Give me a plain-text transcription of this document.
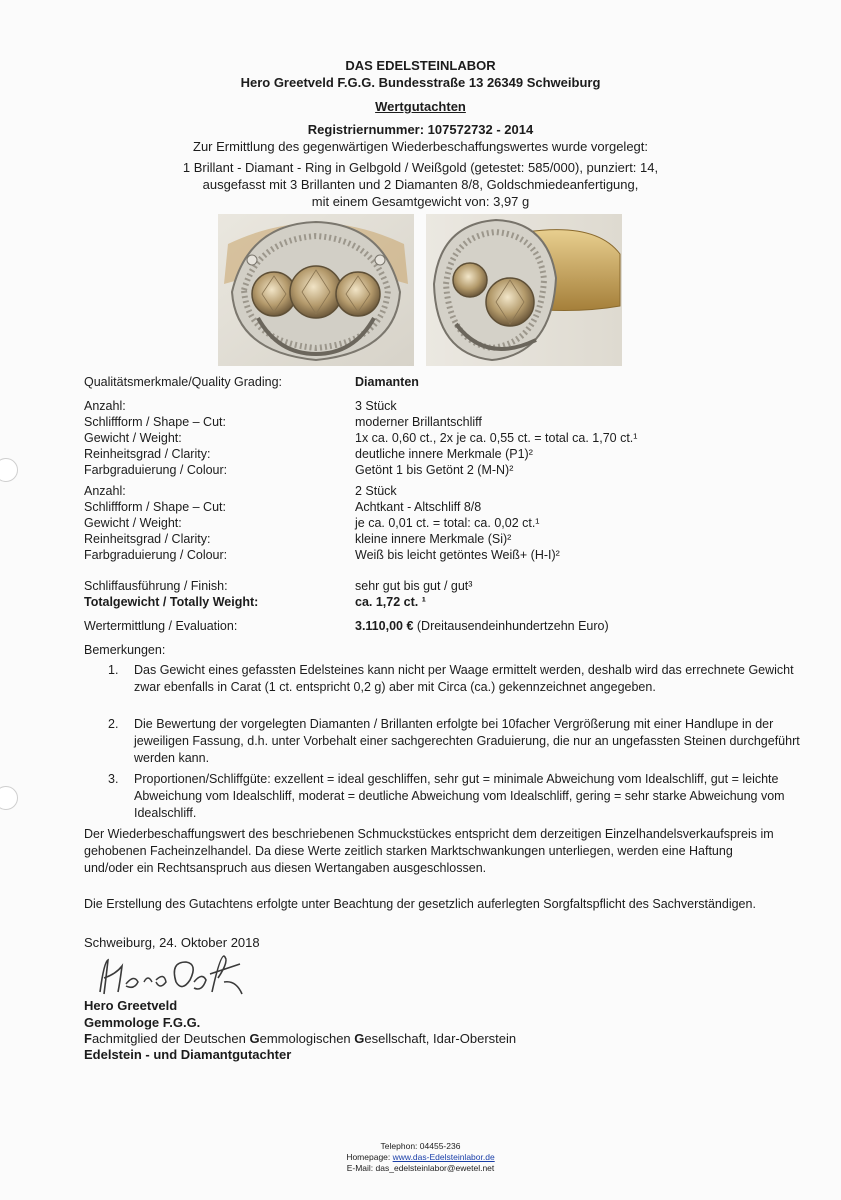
DAS EDELSTEINLABOR
Hero Greetveld F.G.G. Bundesstraße 13 26349 Schweiburg
Wertgutachten
Registriernummer: 107572732 - 2014
Zur Ermittlung des gegenwärtigen Wiederbeschaffungswertes wurde vorgelegt:
1 Brillant - Diamant - Ring in Gelbgold / Weißgold (getestet: 585/000), punziert: 14,
ausgefasst mit 3 Brillanten und 2 Diamanten 8/8, Goldschmiedeanfertigung,
mit einem Gesamtgewicht von: 3,97 g
Qualitätsmerkmale/Quality Grading:	Diamanten
Anzahl:	3 Stück
Schliffform / Shape – Cut:	moderner Brillantschliff
Gewicht / Weight:	1x ca. 0,60 ct., 2x je ca. 0,55 ct. = total ca. 1,70 ct.¹
Reinheitsgrad / Clarity:	deutliche innere Merkmale (P1)²
Farbgraduierung / Colour:	Getönt 1 bis Getönt 2 (M-N)²
Anzahl:	2 Stück
Schliffform / Shape – Cut:	Achtkant - Altschliff 8/8
Gewicht / Weight:	je ca. 0,01 ct. = total: ca. 0,02 ct.¹
Reinheitsgrad / Clarity:	kleine innere Merkmale (Si)²
Farbgraduierung / Colour:	Weiß bis leicht getöntes Weiß+ (H-I)²
Schliffausführung / Finish:	sehr gut bis gut / gut³
Totalgewicht / Totally Weight:	ca. 1,72 ct. ¹
Wertermittlung / Evaluation:	3.110,00 € (Dreitausendeinhundertzehn Euro)
Bemerkungen:
1. Das Gewicht eines gefassten Edelsteines kann nicht per Waage ermittelt werden, deshalb wird das errechnete Gewicht zwar ebenfalls in Carat (1 ct. entspricht 0,2 g) aber mit Circa (ca.) gekennzeichnet angegeben.
2. Die Bewertung der vorgelegten Diamanten / Brillanten erfolgte bei 10facher Vergrößerung mit einer Handlupe in der jeweiligen Fassung, d.h. unter Vorbehalt einer sachgerechten Graduierung, die nur an ungefassten Steinen durchgeführt werden kann.
3. Proportionen/Schliffgüte: exzellent = ideal geschliffen, sehr gut = minimale Abweichung vom Idealschliff, gut = leichte Abweichung vom Idealschliff, moderat = deutliche Abweichung vom Idealschliff, gering = sehr starke Abweichung vom Idealschliff.
Der Wiederbeschaffungswert des beschriebenen Schmuckstückes entspricht dem derzeitigen Einzelhandelsverkaufspreis im gehobenen Facheinzelhandel. Da diese Werte zeitlich starken Marktschwankungen unterliegen, werden eine Haftung und/oder ein Rechtsanspruch aus diesen Wertangaben ausgeschlossen.
Die Erstellung des Gutachtens erfolgte unter Beachtung der gesetzlich auferlegten Sorgfaltspflicht des Sachverständigen.
Schweiburg, 24. Oktober 2018
Hero Greetveld
Gemmologe F.G.G.
Fachmitglied der Deutschen Gemmologischen Gesellschaft, Idar-Oberstein
Edelstein - und Diamantgutachter
Telephon: 04455-236
Homepage: www.das-Edelsteinlabor.de
E-Mail: das_edelsteinlabor@ewetel.net
